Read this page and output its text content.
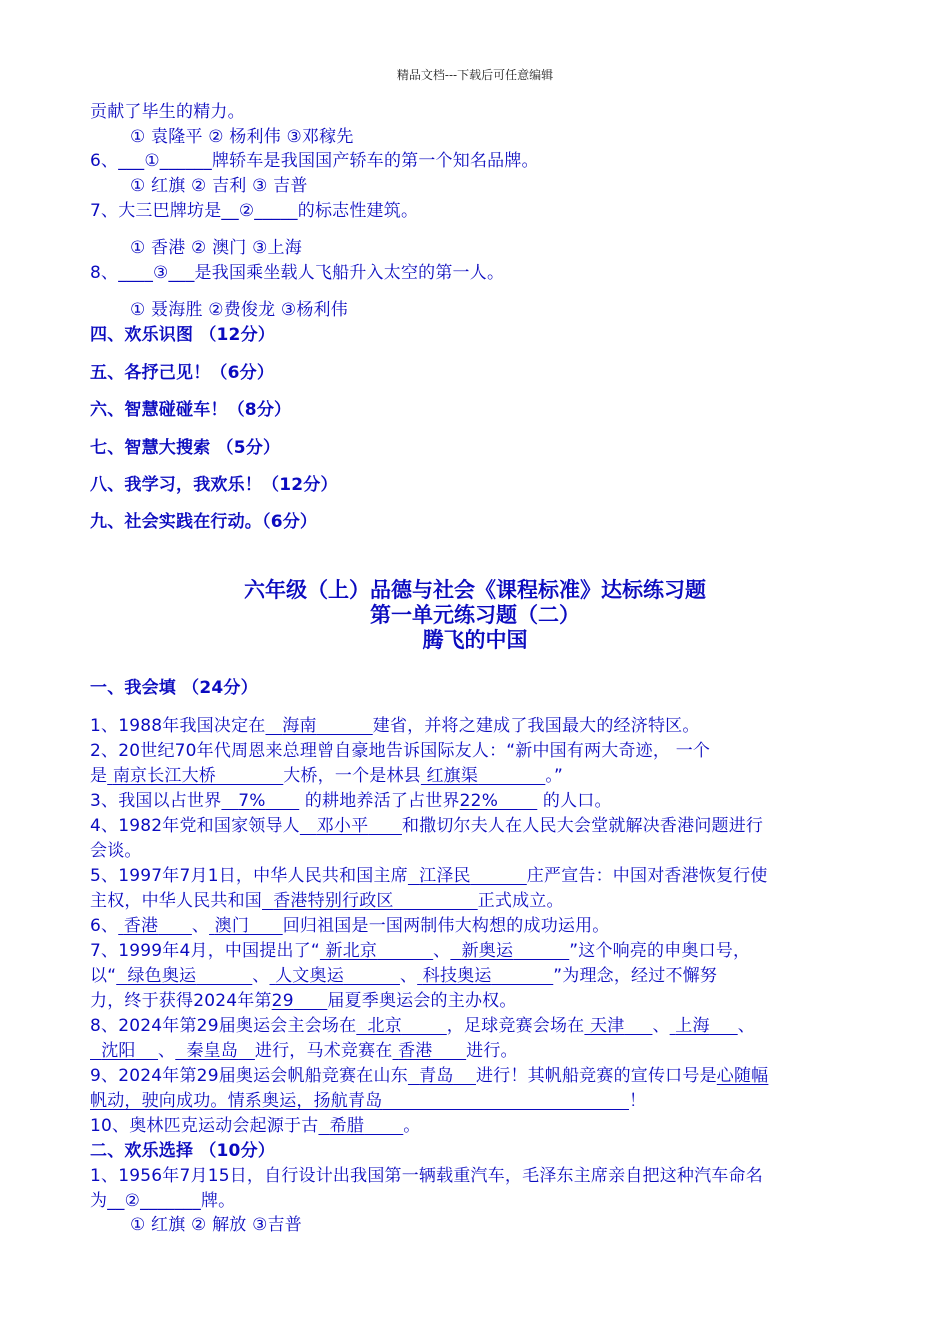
精品文档---下载后可任意编辑
贡献了毕生的精力。
① 袁隆平 ② 杨利伟 ③邓稼先
6、___①______牌轿车是我国国产轿车的第一个知名品牌。
① 红旗 ② 吉利 ③ 吉普
7、大三巴牌坊是__②_____的标志性建筑。
① 香港 ② 澳门 ③上海
8、____③___是我国乘坐载人飞船升入太空的第一人。
① 聂海胜 ②费俊龙 ③杨利伟
四、欢乐识图 （12分）
五、各抒己见！（6分）
六、智慧碰碰车！（8分）
七、智慧大搜索 （5分）
八、我学习，我欢乐！（12分）
九、社会实践在行动。（6分）
六年级（上）品德与社会《课程标准》达标练习题
第一单元练习题（二）
腾飞的中国
一、我会填 （24分）
1、1988年我国决定在 海南	建省，并将之建成了我国最大的经济特区。
2、20世纪70年代周恩来总理曾自豪地告诉国际友人：“新中国有两大奇迹， 一个
是 南京长江大桥	大桥，一个是林县 红旗渠	。”
3、我国以占世界 7% 的耕地养活了占世界22%	的人口。
4、1982年党和国家领导人 邓小平 和撒切尔夫人在人民大会堂就解决香港问题进行
会谈。
5、1997年7月1日，中华人民共和国主席 江泽民	庄严宣告：中国对香港恢复行使
主权，中华人民共和国 香港特别行政区	正式成立。
6、 香港 、 澳门 回归祖国是一国两制伟大构想的成功运用。
7、1999年4月，中国提出了“ 新北京	、 新奥运	”这个响亮的申奥口号，
以“ 绿色奥运	、 人文奥运	、 科技奥运	”为理念，经过不懈努
力，终于获得2024年第29 届夏季奥运会的主办权。
8、2024年第29届奥运会主会场在 北京	，足球竞赛会场在 天津 、 上海 、
沈阳 、 秦皇岛 进行，马术竞赛在 香港 进行。
9、2024年第29届奥运会帆船竞赛在山东 青岛 进行！其帆船竞赛的宣传口号是心随幅
帆动，驶向成功。情系奥运，扬航青岛	！
10、奥林匹克运动会起源于古 希腊 。
二、欢乐选择 （10分）
1、1956年7月15日，自行设计出我国第一辆载重汽车，毛泽东主席亲自把这种汽车命名
为__②_______牌。
① 红旗 ② 解放 ③吉普
